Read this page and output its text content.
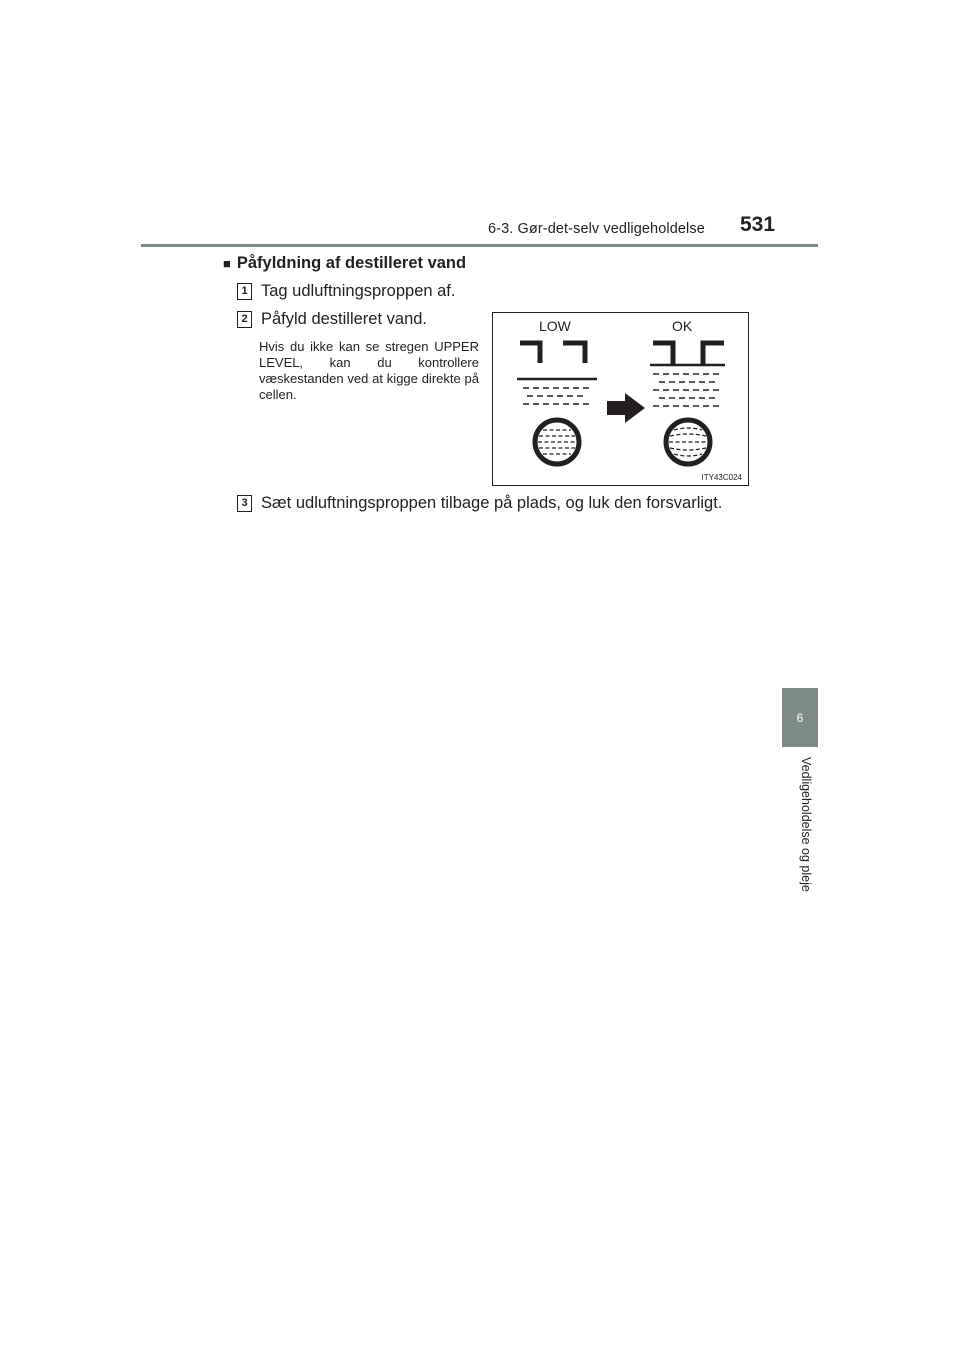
6-3. Gør-det-selv vedligeholdelse 531
6
Vedligeholdelse og pleje
■ Påfyldning af destilleret vand
1 Tag udluftningsproppen af.
2 Påfyld destilleret vand.
Hvis du ikke kan se stregen UPPER LEVEL, kan du kontrollere væskestanden ved at kigge direkte på cellen.
LOW	OK
ITY43C024
3 Sæt udluftningsproppen tilbage på plads, og luk den forsvarligt.
